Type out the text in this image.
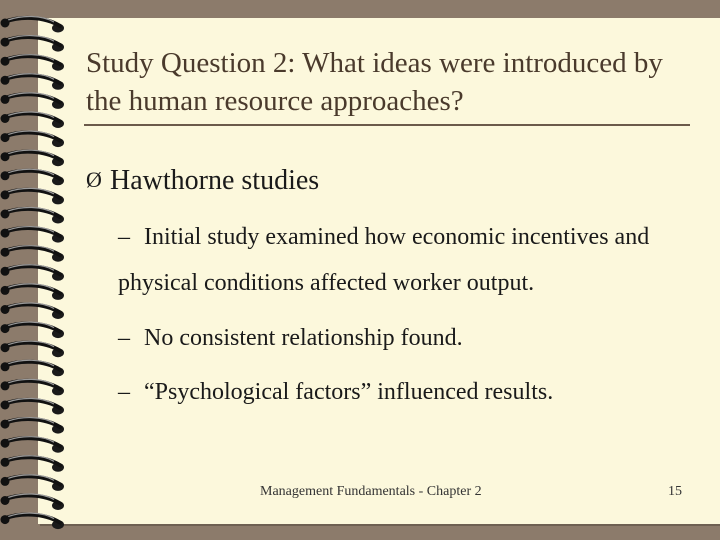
Study Question 2: What ideas were introduced by the human resource approaches?
Ø Hawthorne studies
– Initial study examined how economic incentives and physical conditions affected worker output.
– No consistent relationship found.
– “Psychological factors” influenced results.
Management Fundamentals - Chapter 2	15
